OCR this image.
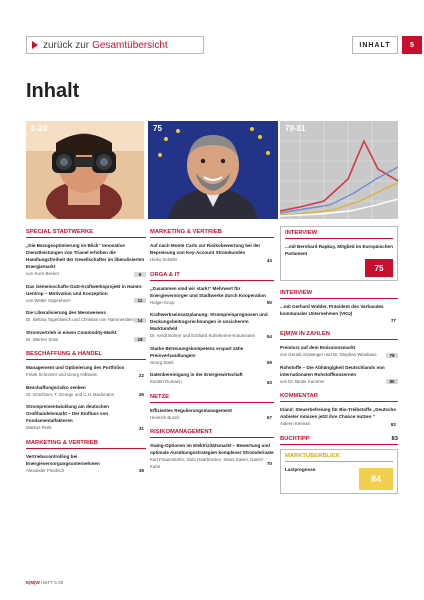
zurück zur Gesamtübersicht	INHALT	5
Inhalt
6-20	75	79-81
SPECIAL STADTWERKE
„Die Bezugsoptimierung im Blick“ Innovative Dienstleistungen von Trianel erhöhen die Handlungsfreiheit der Gesellschafter im liberalisierten Energiemarkt
von Sven Becker	6
Das Gemeinschafts-GuD-Kraftwerksprojekt in Hamm-Uentrop – Motivation und Konzeption
von Walter Oppenheim	11
Die Liberalisierung des Messwesens
Dr. Bettina Tagenbleich und Christian von Hammerstein 14
Stromvertrieb in einem Commodity-Markt
Dr. Werner Süss	18
BESCHAFFUNG & HANDEL
Management und Optimierung des Portfolios
Frank Schreiner und Georg Hillmann	22
Beschaffungsrisiko senken
St. Grüchtner, T. George und C.H. Backmann	26
Strompreisentwicklung am deutschen Großhandelsmarkt – Der Einfluss von Fundamentalfaktoren
Markus Peek	31
MARKETING & VERTRIEB
Vertriebscontrolling bei Energieversorgungsunternehmen
Alexander Friedrich	38
MARKETING & VERTRIEB
Auf nach Monte Carlo zur Risikobewertung bei der Bepreisung von Key-Account Stromkunden
Heiko Schäfer	44
ORGA & IT
„Zusammen sind wir stark!“ Mehrwert für Energieversorger und Stadtwerke durch Kooperation
Holger Knop	50
Kraftwerkseinsatzplanung: Strompreisprognosen und Deckungsbeitragsrechnungen in unsicherem Marktumfeld
Dr. Arndt Bohrer und Eckhard Kuhnhenne-Krausmann	54
Starke Betreuungskompetenz erspart zähe Preisverhandlungen!
Georg Stark	59
Datenbereinigung in der Energiewirtschaft
Kerstin Oumann	63
NETZE
Effizientes Regulierungsmanagement
Heinrich Busch	67
RISIKOMANAGEMENT
Swing-Optionen im Elektrizitätsmarkt – Bewertung und optimale Ausübungsstrategien komplexer Stromderivate
Karl Frauendorfer, Gido Haarbrücker, Klaus Kaiser, Daniel Kuhn	70
INTERVIEW
...mit Bernhard Rapkay, Mitglied im Europäischen Parlament
75
INTERVIEW
...mit Gerhard Widder, Präsident des Verbandes kommunaler Unternehmen (VKU)
77
E|M|W IN ZAHLEN
Preisturz auf dem Emissionsmarkt
von Gerald Atzwanger und Dr. Stephan Weinkaus	79
Rohstoffe – Die Abhängigkeit Deutschlands von internationalen Rohstoffkonzernen
von Dr. Beate Kummer	80
KOMMENTAR
Irland: Steuerbefreiung für Bio-Treibstoffe „Deutsche Anbieter müssen jetzt ihre Chance nutzen “
Aideen Keenan	82
BUCHTIPP	83
MARKTÜBERBLICK
Lastprognose
84
E|M|W HEFT 5.05
